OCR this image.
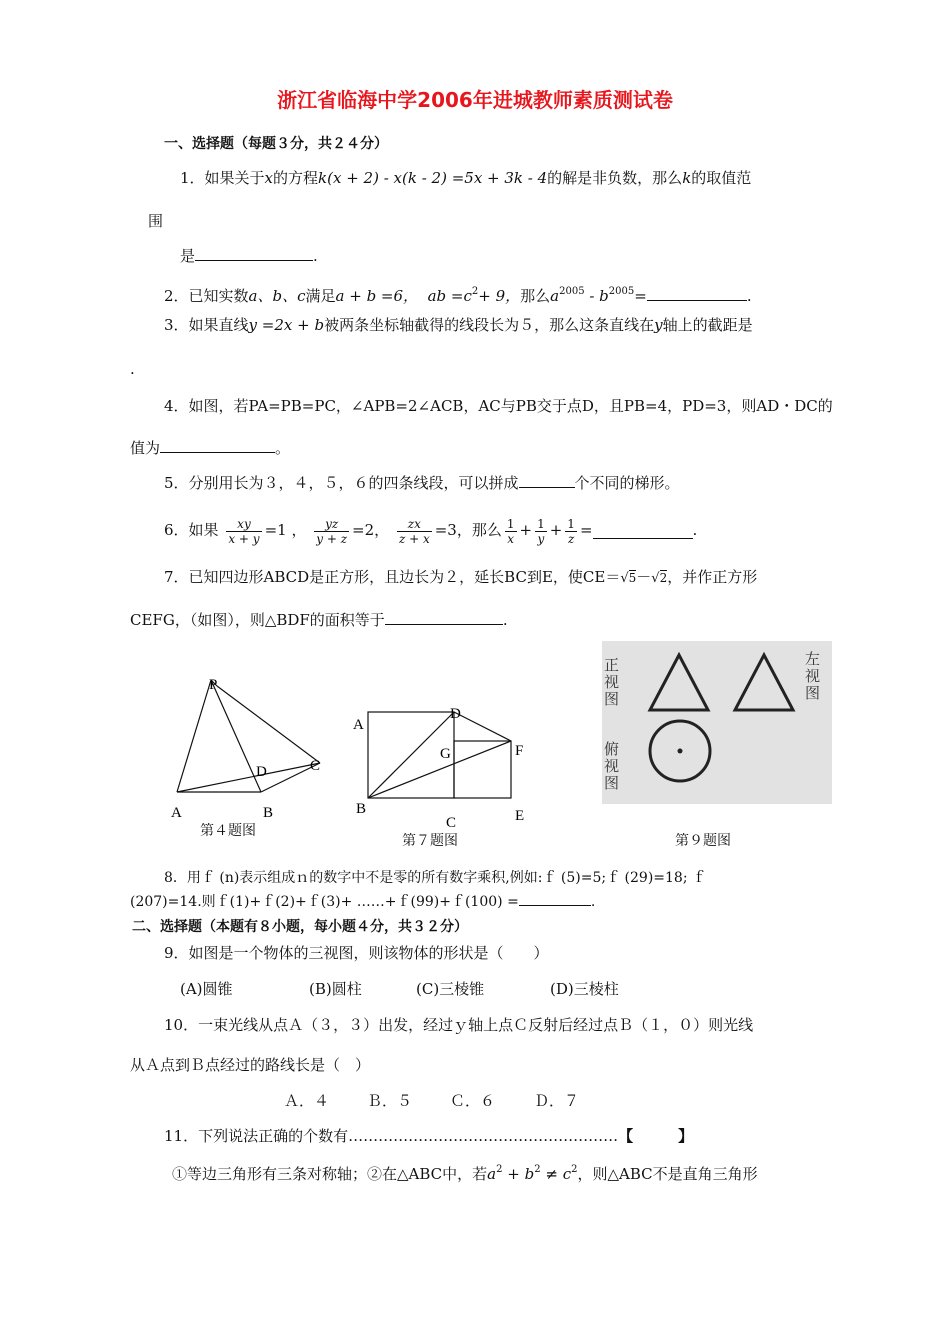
浙江省临海中学2006年进城教师素质测试卷
一、选择题（每题３分，共２４分）
1．如果关于x的方程k(x + 2) - x(k - 2) =5x + 3k - 4的解是非负数，那么k的取值范
围
是	.
2．已知实数a、b、c满足a + b =6， ab $=c^2+ 9$，那么$a^{2005} - b^{2005}=$	.
3．如果直线y =2x + b被两条坐标轴截得的线段长为５，那么这条直线在y轴上的截距是
.
4．如图，若PA=PB=PC，∠APB=2∠ACB，AC与PB交于点D，且PB=4，PD=3，则AD・DC的
值为	。
5．分别用长为３，４，５，６的四条线段，可以拼成	个不同的梯形。
6．如果 $\frac{xy}{x + y} =1$ ， $\frac{yz}{y + z} =2$， $\frac{zx}{z + x} =3$，那么 $\frac{1}{x} + \frac{1}{y} + \frac{1}{z}$ =	.
7．已知四边形ABCD是正方形，且边长为２，延长BC到E，使CE＝√5－√2，并作正方形
CEFG，（如图），则△BDF的面积等于	.
P
A	B
C
D
第４题图
A
D
F
G
B
C	E
第７题图
正视图
左视图
俯视图
第９题图
8．用ｆ (n)表示组成ｎ的数字中不是零的所有数字乘积,例如:ｆ (5)=5;ｆ (29)=18; ｆ
(207)=14.则ｆ(1)+ｆ(2)+ｆ(3)+ ……+ｆ(99)+ｆ(100) =	.
二、选择题（本题有８小题，每小题４分，共３２分）
9．如图是一个物体的三视图，则该物体的形状是（　　）
(A)圆锥	(B)圆柱	(C)三棱锥	(D)三棱柱
10．一束光线从点Ａ（３，３）出发，经过ｙ轴上点Ｃ反射后经过点Ｂ（１，０）则光线
从Ａ点到Ｂ点经过的路线长是（　）
Ａ．４	Ｂ．５	Ｃ．６	Ｄ．７
11．下列说法正确的个数有………………………………………………【　　　】
①等边三角形有三条对称轴；②在△ABC中，若$a^2 + b^2 \ne c^2$，则△ABC不是直角三角形
